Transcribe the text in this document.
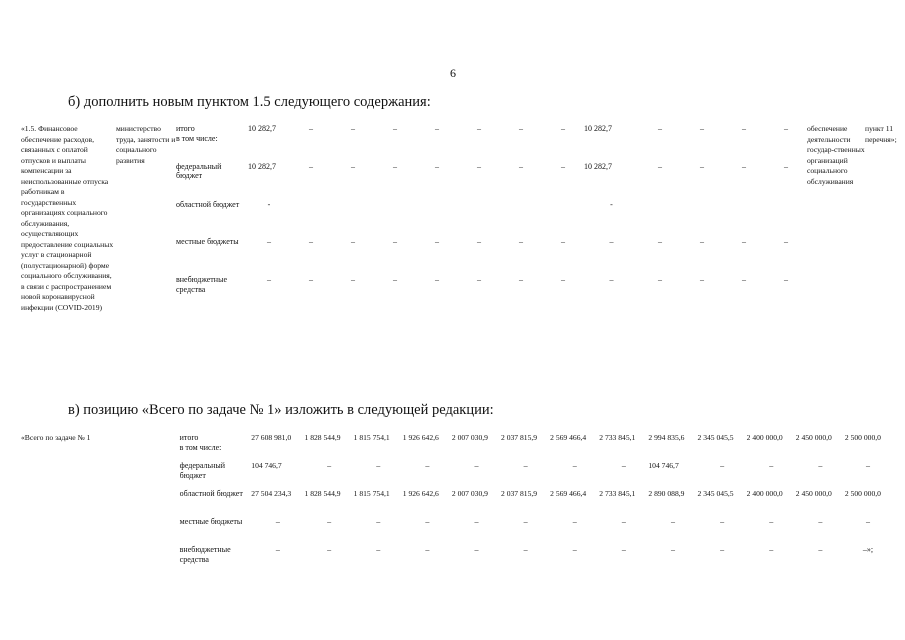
6
б) дополнить новым пунктом 1.5 следующего содержания:
«1.5. Финансовое обеспечение расходов, связанных с оплатой отпусков и выплаты компенсации за неиспользованные отпуска работникам в государственных организациях социального обслуживания, осуществляющих предоставление социальных услуг в стационарной (полустационарной) форме социального обслуживания, в связи с распространением новой коронавирусной инфекции (COVID-2019)	министерство труда, занятости и социального развития	итого
в том числе:	10 282,7	–	–	–	–	–	–	–	10 282,7	–	–	–	–	обеспечение деятельности государ-ственных организаций социального обслуживания	пункт 11 перечня»;
		федеральный бюджет	10 282,7	–	–	–	–	–	–	–	10 282,7	–	–	–	–		
		областной бюджет	-								-						
		местные бюджеты	–	–	–	–	–	–	–	–	–	–	–	–	–		
		внебюджетные средства	–	–	–	–	–	–	–	–	–	–	–	–	–		
в) позицию «Всего по задаче № 1» изложить в следующей редакции:
«Всего по задаче № 1	итого
в том числе:	27 608 981,0	1 828 544,9	1 815 754,1	1 926 642,6	2 007 030,9	2 037 815,9	2 569 466,4	2 733 845,1	2 994 835,6	2 345 045,5	2 400 000,0	2 450 000,0	2 500 000,0
	федеральный бюджет	104 746,7	–	–	–	–	–	–	–	104 746,7	–	–	–	–
	областной бюджет	27 504 234,3	1 828 544,9	1 815 754,1	1 926 642,6	2 007 030,9	2 037 815,9	2 569 466,4	2 733 845,1	2 890 088,9	2 345 045,5	2 400 000,0	2 450 000,0	2 500 000,0
	местные бюджеты	–	–	–	–	–	–	–	–	–	–	–	–	–
	внебюджетные средства	–	–	–	–	–	–	–	–	–	–	–	–	–»;
